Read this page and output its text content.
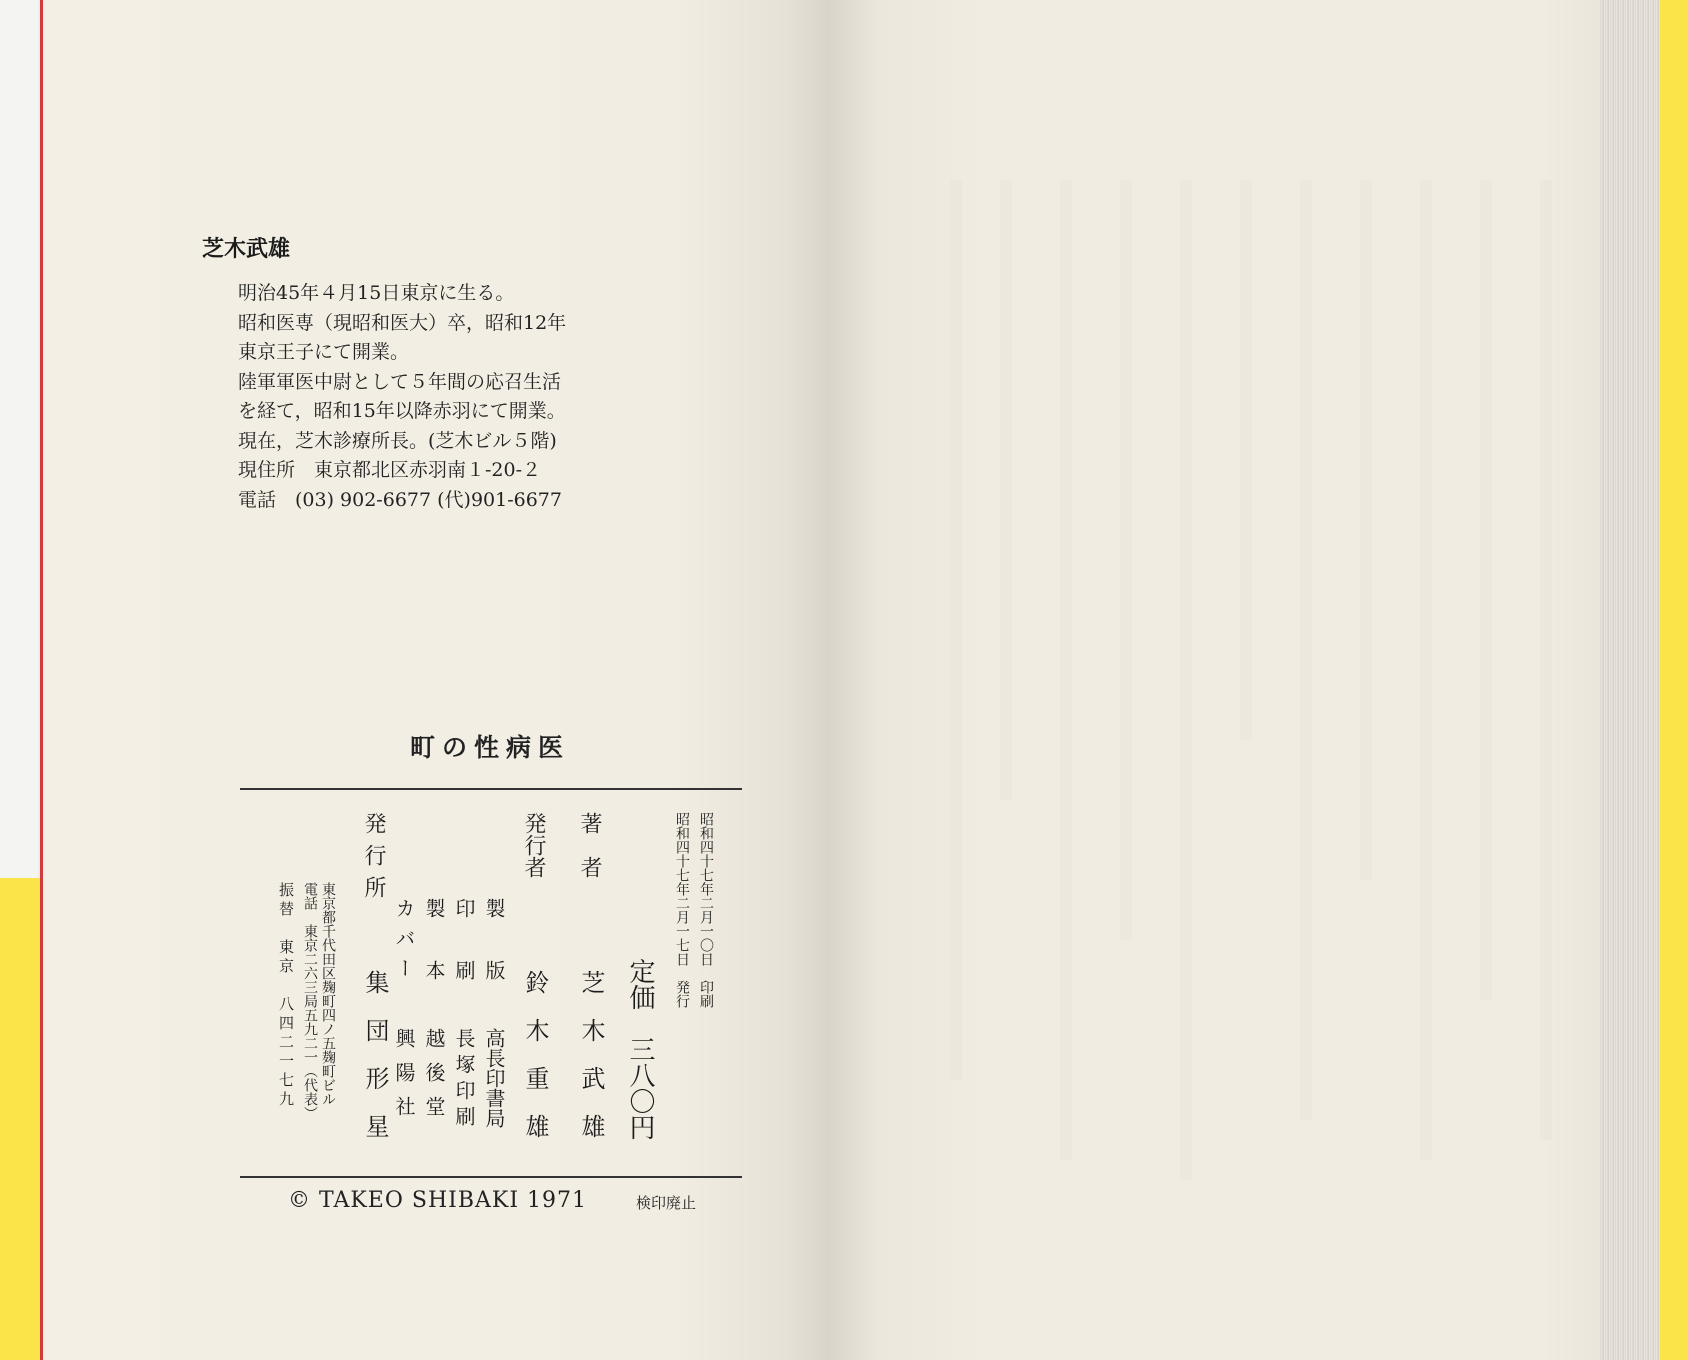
芝木武雄

明治45年４月15日東京に生る。

昭和医専（現昭和医大）卒，昭和12年

東京王子にて開業。

陸軍軍医中尉として５年間の応召生活

を経て，昭和15年以降赤羽にて開業。

現在，芝木診療所長。(芝木ビル５階)

現住所　東京都北区赤羽南１-20-２

電話　(03) 902-6677 (代)901-6677

町の性病医
昭和四十七年二月一〇日　印刷
昭和四十七年二月一七日　発行
定価　三八〇円
著　者
芝　木　武　雄
発行者
鈴　木　重　雄
製版
高長印書局
印刷
長塚印刷
製本
越後堂
カバー
興陽社
発行所
集　団　形　星
東京都千代田区麹町四ノ五麹町ビル
電話　東京二六三局五九二一（代表）
振替　東京　八四二一七九

© TAKEO SHIBAKI 1971	検印廃止
